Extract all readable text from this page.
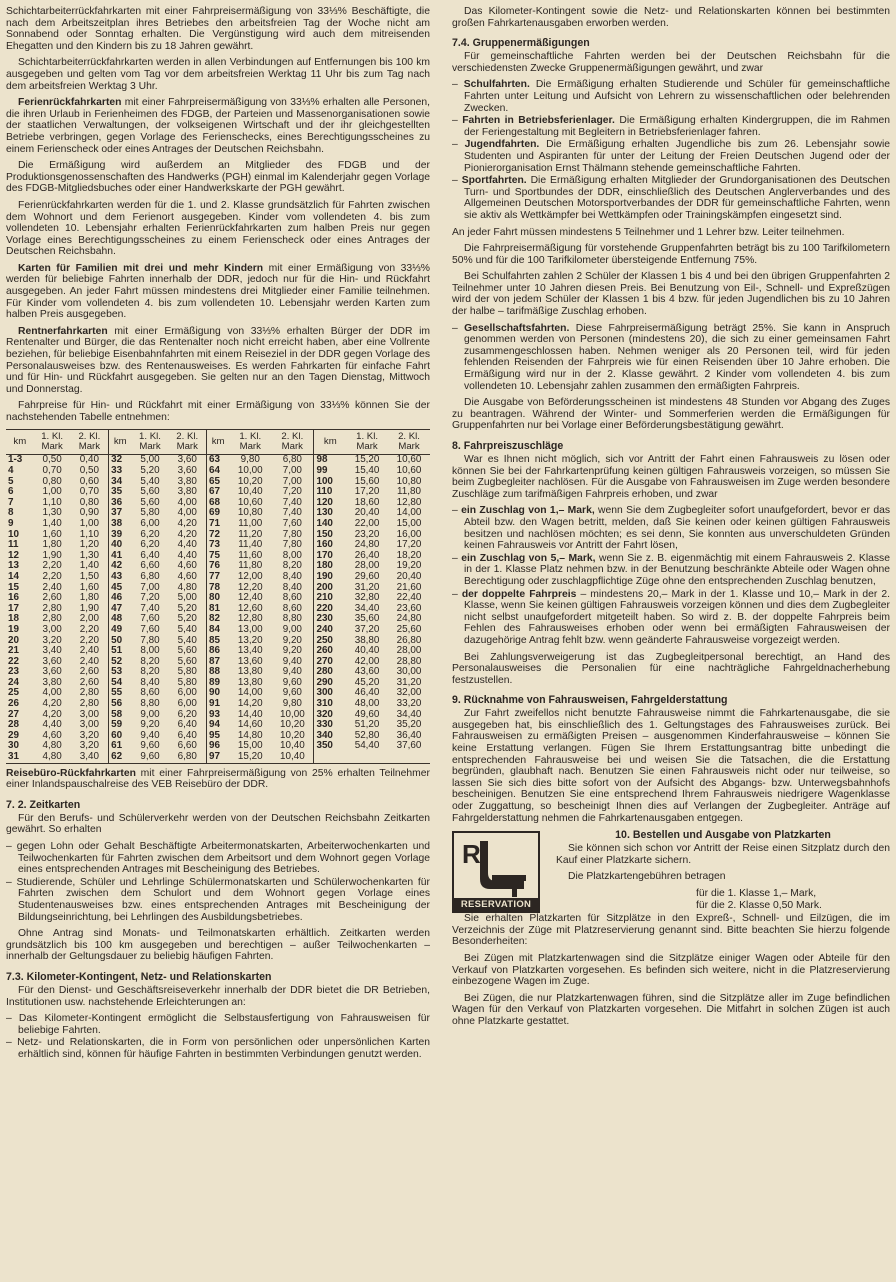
Schichtarbeiterrückfahrkarten mit einer Fahrpreisermäßigung von 33⅓% Beschäftigte, die nach dem Arbeitszeitplan ihres Betriebes den arbeitsfreien Tag der Woche nicht am Sonnabend oder Sonntag erhalten. Die Vergünstigung wird auch dem mitreisenden Ehegatten und den Kindern bis zu 18 Jahren gewährt.

Schichtarbeiterrückfahrkarten werden in allen Verbindungen auf Entfernungen bis 100 km ausgegeben und gelten vom Tag vor dem arbeitsfreien Werktag 11 Uhr bis zum Tag nach dem arbeitsfreien Werktag 3 Uhr.

Ferienrückfahrkarten mit einer Fahrpreisermäßigung von 33⅓% erhalten alle Personen, die ihren Urlaub in Ferienheimen des FDGB, der Parteien und Massenorganisationen sowie der staatlichen Verwaltungen, der volkseigenen Wirtschaft und der ihr gleichgestellten Betriebe verbringen, gegen Vorlage des Ferienschecks, eines Berechtigungsscheines zu einem Ferienscheck oder eines Antrages der Deutschen Reichsbahn.

Die Ermäßigung wird außerdem an Mitglieder des FDGB und der Produktionsgenossenschaften des Handwerks (PGH) einmal im Kalenderjahr gegen Vorlage des FDGB-Mitgliedsbuches oder einer Handwerkskarte der PGH gewährt.

Ferienrückfahrkarten werden für die 1. und 2. Klasse grundsätzlich für Fahrten zwischen dem Wohnort und dem Ferienort ausgegeben. Kinder vom vollendeten 4. bis zum vollendeten 10. Lebensjahr erhalten Ferienrückfahrkarten zum halben Preis nur gegen Vorlage eines Berechtigungsscheines zu einem Ferienscheck oder eines Antrages der Deutschen Reichsbahn.

Karten für Familien mit drei und mehr Kindern mit einer Ermäßigung von 33⅓% werden für beliebige Fahrten innerhalb der DDR, jedoch nur für die Hin- und Rückfahrt ausgegeben. An jeder Fahrt müssen mindestens drei Mitglieder einer Familie teilnehmen. Für Kinder vom vollendeten 4. bis zum vollendeten 10. Lebensjahr werden Karten zum halben Preis ausgegeben.

Rentnerfahrkarten mit einer Ermäßigung von 33⅓% erhalten Bürger der DDR im Rentenalter und Bürger, die das Rentenalter noch nicht erreicht haben, aber eine Vollrente beziehen, für beliebige Eisenbahnfahrten mit einem Reiseziel in der DDR gegen Vorlage des Personalausweises bzw. des Rentenausweises. Es werden Fahrkarten für einfache Fahrt und für Hin- und Rückfahrt ausgegeben. Sie gelten nur an den Tagen Dienstag, Mittwoch und Donnerstag.

Fahrpreise für Hin- und Rückfahrt mit einer Ermäßigung von 33⅓% können Sie der nachstehenden Tabelle entnehmen:

km	1. Kl.
Mark	2. Kl.
Mark	km	1. Kl.
Mark	2. Kl.
Mark	km	1. Kl.
Mark	2. Kl.
Mark	km	1. Kl.
Mark	2. Kl.
Mark
1-3	0,50	0,40	32	5,00	3,60	63	9,80	6,80	98	15,20	10,60
4	0,70	0,50	33	5,20	3,60	64	10,00	7,00	99	15,40	10,60
5	0,80	0,60	34	5,40	3,80	65	10,20	7,00	100	15,60	10,80
6	1,00	0,70	35	5,60	3,80	67	10,40	7,20	110	17,20	11,80
7	1,10	0,80	36	5,60	4,00	68	10,60	7,40	120	18,60	12,80
8	1,30	0,90	37	5,80	4,00	69	10,80	7,40	130	20,40	14,00
9	1,40	1,00	38	6,00	4,20	71	11,00	7,60	140	22,00	15,00
10	1,60	1,10	39	6,20	4,20	72	11,20	7,80	150	23,20	16,00
11	1,80	1,20	40	6,20	4,40	73	11,40	7,80	160	24,80	17,20
12	1,90	1,30	41	6,40	4,40	75	11,60	8,00	170	26,40	18,20
13	2,20	1,40	42	6,60	4,60	76	11,80	8,20	180	28,00	19,20
14	2,20	1,50	43	6,80	4,60	77	12,00	8,40	190	29,60	20,40
15	2,40	1,60	45	7,00	4,80	78	12,20	8,40	200	31,20	21,60
16	2,60	1,80	46	7,20	5,00	80	12,40	8,60	210	32,80	22,40
17	2,80	1,90	47	7,40	5,20	81	12,60	8,60	220	34,40	23,60
18	2,80	2,00	48	7,60	5,20	82	12,80	8,80	230	35,60	24,80
19	3,00	2,20	49	7,60	5,40	84	13,00	9,00	240	37,20	25,60
20	3,20	2,20	50	7,80	5,40	85	13,20	9,20	250	38,80	26,80
21	3,40	2,40	51	8,00	5,60	86	13,40	9,20	260	40,40	28,00
22	3,60	2,40	52	8,20	5,60	87	13,60	9,40	270	42,00	28,80
23	3,60	2,60	53	8,20	5,80	88	13,80	9,40	280	43,60	30,00
24	3,80	2,60	54	8,40	5,80	89	13,80	9,60	290	45,20	31,20
25	4,00	2,80	55	8,60	6,00	90	14,00	9,60	300	46,40	32,00
26	4,20	2,80	56	8,80	6,00	91	14,20	9,80	310	48,00	33,20
27	4,20	3,00	58	9,00	6,20	93	14,40	10,00	320	49,60	34,40
28	4,40	3,00	59	9,20	6,40	94	14,60	10,20	330	51,20	35,20
29	4,60	3,20	60	9,40	6,40	95	14,80	10,20	340	52,80	36,40
30	4,80	3,20	61	9,60	6,60	96	15,00	10,40	350	54,40	37,60
31	4,80	3,40	62	9,60	6,80	97	15,20	10,40			

Reisebüro-Rückfahrkarten mit einer Fahrpreisermäßigung von 25% erhalten Teilnehmer einer Inlandspauschalreise des VEB Reisebüro der DDR.

7. 2. Zeitkarten

Für den Berufs- und Schülerverkehr werden von der Deutschen Reichsbahn Zeitkarten gewährt. So erhalten

– gegen Lohn oder Gehalt Beschäftigte Arbeitermonatskarten, Arbeiterwochenkarten und Teilwochenkarten für Fahrten zwischen dem Arbeitsort und dem Wohnort gegen Vorlage eines entsprechenden Antrages mit Bescheinigung des Betriebes.
– Studierende, Schüler und Lehrlinge Schülermonatskarten und Schülerwochenkarten für Fahrten zwischen dem Schulort und dem Wohnort gegen Vorlage eines Studentenausweises bzw. eines entsprechenden Antrages mit Bescheinigung der Bildungseinrichtung, bei Lehrlingen des Ausbildungsbetriebes.

Ohne Antrag sind Monats- und Teilmonatskarten erhältlich. Zeitkarten werden grundsätzlich bis 100 km ausgegeben und berechtigen – außer Teilwochenkarten – innerhalb der Geltungsdauer zu beliebig häufigen Fahrten.

7.3. Kilometer-Kontingent, Netz- und Relationskarten

Für den Dienst- und Geschäftsreiseverkehr innerhalb der DDR bietet die DR Betrieben, Institutionen usw. nachstehende Erleichterungen an:

– Das Kilometer-Kontingent ermöglicht die Selbstausfertigung von Fahrausweisen für beliebige Fahrten.
– Netz- und Relationskarten, die in Form von persönlichen oder unpersönlichen Karten erhältlich sind, können für häufige Fahrten in bestimmten Verbindungen genutzt werden.

Das Kilometer-Kontingent sowie die Netz- und Relationskarten können bei bestimmten großen Fahrkartenausgaben erworben werden.

7.4. Gruppenermäßigungen

Für gemeinschaftliche Fahrten werden bei der Deutschen Reichsbahn für die verschiedensten Zwecke Gruppenermäßigungen gewährt, und zwar

– Schulfahrten. Die Ermäßigung erhalten Studierende und Schüler für gemeinschaftliche Fahrten unter Leitung und Aufsicht von Lehrern zu wissenschaftlichen oder belehrenden Zwecken.
– Fahrten in Betriebsferienlager. Die Ermäßigung erhalten Kindergruppen, die im Rahmen der Feriengestaltung mit Begleitern in Betriebsferienlager fahren.
– Jugendfahrten. Die Ermäßigung erhalten Jugendliche bis zum 26. Lebensjahr sowie Studenten und Aspiranten für unter der Leitung der Freien Deutschen Jugend oder der Pionierorganisation Ernst Thälmann stehende gemeinschaftliche Fahrten.
– Sportfahrten. Die Ermäßigung erhalten Mitglieder der Grundorganisationen des Deutschen Turn- und Sportbundes der DDR, einschließlich des Deutschen Anglerverbandes und des Allgemeinen Deutschen Motorsportverbandes der DDR für gemeinschaftliche Fahrten, wenn sie aktiv als Wettkämpfer bei Wettkämpfen oder Trainingskämpfen eingesetzt sind.

An jeder Fahrt müssen mindestens 5 Teilnehmer und 1 Lehrer bzw. Leiter teilnehmen.

Die Fahrpreisermäßigung für vorstehende Gruppenfahrten beträgt bis zu 100 Tarifkilometern 50% und für die 100 Tarifkilometer übersteigende Entfernung 75%.

Bei Schulfahrten zahlen 2 Schüler der Klassen 1 bis 4 und bei den übrigen Gruppenfahrten 2 Teilnehmer unter 10 Jahren diesen Preis. Bei Benutzung von Eil-, Schnell- und Expreßzügen wird der von jedem Schüler der Klassen 1 bis 4 bzw. für jeden Jugendlichen bis zu 10 Jahren der halbe – tarifmäßige Zuschlag erhoben.

– Gesellschaftsfahrten. Diese Fahrpreisermäßigung beträgt 25%. Sie kann in Anspruch genommen werden von Personen (mindestens 20), die sich zu einer gemeinsamen Fahrt zusammengeschlossen haben. Nehmen weniger als 20 Personen teil, wird für jeden fehlenden Reisenden der Fahrpreis wie für einen Reisenden über 10 Jahre erhoben. Die Ermäßigung wird nur in der 2. Klasse gewährt. 2 Kinder vom vollendeten 4. bis zum vollendeten 10. Lebensjahr zahlen zusammen den ermäßigten Fahrpreis.

Die Ausgabe von Beförderungsscheinen ist mindestens 48 Stunden vor Abgang des Zuges zu beantragen. Während der Winter- und Sommerferien werden die Ermäßigungen für Gruppenfahrten nur bei Vorlage einer Beförderungsbestätigung gewährt.

8. Fahrpreiszuschläge

War es Ihnen nicht möglich, sich vor Antritt der Fahrt einen Fahrausweis zu lösen oder können Sie bei der Fahrkartenprüfung keinen gültigen Fahrausweis vorzeigen, so müssen Sie beim Zugbegleiter nachlösen. Für die Ausgabe von Fahrausweisen im Zuge werden besondere Zuschläge zum tarifmäßigen Fahrpreis erhoben, und zwar

– ein Zuschlag von 1,– Mark, wenn Sie dem Zugbegleiter sofort unaufgefordert, bevor er das Abteil bzw. den Wagen betritt, melden, daß Sie keinen oder keinen gültigen Fahrausweis besitzen und nachlösen möchten; es sei denn, Sie konnten aus unverschuldeten Gründen keinen Fahrausweis vor Antritt der Fahrt lösen,
– ein Zuschlag von 5,– Mark, wenn Sie z. B. eigenmächtig mit einem Fahrausweis 2. Klasse in der 1. Klasse Platz nehmen bzw. in der Benutzung beschränkte Abteile oder Wagen ohne Berechtigung oder zuschlagpflichtige Züge ohne den entsprechenden Zuschlag benutzen,
– der doppelte Fahrpreis – mindestens 20,– Mark in der 1. Klasse und 10,– Mark in der 2. Klasse, wenn Sie keinen gültigen Fahrausweis vorzeigen können und dies dem Zugbegleiter nicht selbst unaufgefordert mitgeteilt haben. So wird z. B. der doppelte Fahrpreis beim Fehlen des Fahrausweises erhoben oder wenn bei ermäßigten Fahrausweisen der dazugehörige Antrag fehlt bzw. wenn geänderte Fahrausweise vorgezeigt werden.

Bei Zahlungsverweigerung ist das Zugbegleitpersonal berechtigt, an Hand des Personalausweises die Personalien für eine nachträgliche Fahrgeldnacherhebung festzustellen.

9. Rücknahme von Fahrausweisen, Fahrgelderstattung

Zur Fahrt zweifellos nicht benutzte Fahrausweise nimmt die Fahrkartenausgabe, die sie ausgegeben hat, bis einschließlich des 1. Geltungstages des Fahrausweises zurück. Bei Fahrausweisen zu ermäßigten Preisen – ausgenommen Kinderfahrausweise – können Sie keine Erstattung verlangen. Fügen Sie Ihrem Erstattungsantrag bitte unbedingt die entsprechenden Fahrausweise bei und weisen Sie die Tatsachen, die die Erstattung begründen, glaubhaft nach. Benutzen Sie einen Fahrausweis nicht oder nur teilweise, so lassen Sie sich dies bitte sofort von der Aufsicht des Abgangs- bzw. Unterwegsbahnhofs bescheinigen. Benutzen Sie eine entsprechend Ihrem Fahrausweis niedrigere Wagenklasse oder Zuggattung, so bescheinigt Ihnen dies auf Verlangen der Zugbegleiter. Anträge auf Fahrgelderstattung nehmen die Fahrkartenausgaben entgegen.

R
RESERVATION
10. Bestellen und Ausgabe von Platzkarten

Sie können sich schon vor Antritt der Reise einen Sitzplatz durch den Kauf einer Platzkarte sichern.

Die Platzkartengebühren betragen

für die 1. Klasse 1,– Mark,

für die 2. Klasse 0,50 Mark.

Sie erhalten Platzkarten für Sitzplätze in den Expreß-, Schnell- und Eilzügen, die im Verzeichnis der Züge mit Platzreservierung genannt sind. Bitte beachten Sie hierzu folgende Besonderheiten:

Bei Zügen mit Platzkartenwagen sind die Sitzplätze einiger Wagen oder Abteile für den Verkauf von Platzkarten vorgesehen. Es befinden sich weitere, nicht in die Platzreservierung einbezogene Wagen im Zuge.

Bei Zügen, die nur Platzkartenwagen führen, sind die Sitzplätze aller im Zuge befindlichen Wagen für den Verkauf von Platzkarten vorgesehen. Die Mitfahrt in solchen Zügen ist auch ohne Platzkarte gestattet.
